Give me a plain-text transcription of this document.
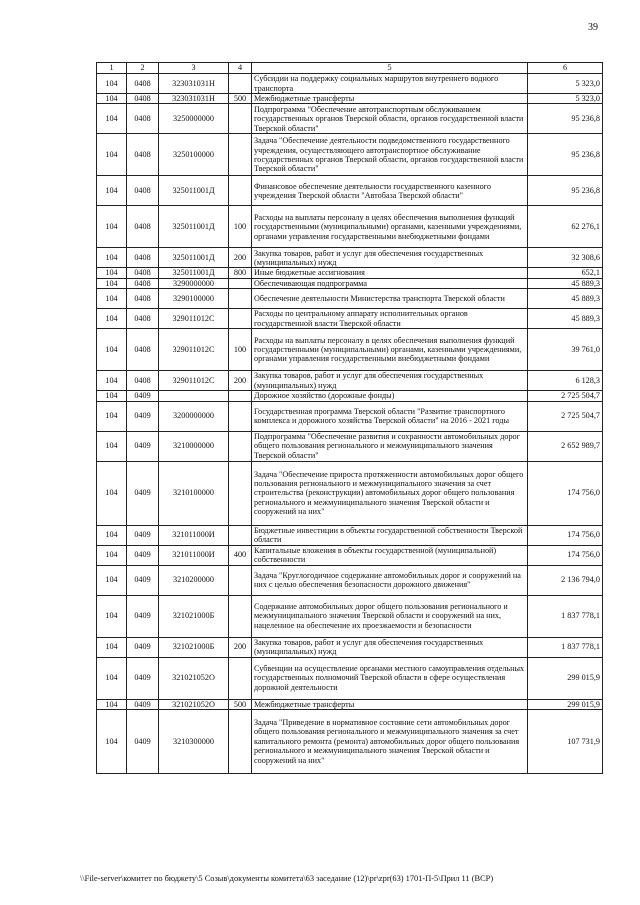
39
1	2	3	4	5	6
104	0408	323031031Н		Субсидии на поддержку социальных маршрутов внутреннего водного транспорта	5 323,0
104	0408	323031031Н	500	Межбюджетные трансферты	5 323,0
104	0408	3250000000		Подпрограмма "Обеспечение автотранспортным обслуживанием государственных органов Тверской области, органов государственной власти Тверской области"	95 236,8
104	0408	3250100000		Задача "Обеспечение деятельности подведомственного государственного учреждения, осуществляющего автотранспортное обслуживание государственных органов Тверской области, органов государственной власти Тверской области"	95 236,8
104	0408	325011001Д		Финансовое обеспечение деятельности государственного казенного учреждения Тверской области "Автобаза Тверской области"	95 236,8
104	0408	325011001Д	100	Расходы на выплаты персоналу в целях обеспечения выполнения функций государственными (муниципальными) органами, казенными учреждениями, органами управления государственными внебюджетными фондами	62 276,1
104	0408	325011001Д	200	Закупка товаров, работ и услуг для обеспечения государственных (муниципальных) нужд	32 308,6
104	0408	325011001Д	800	Иные бюджетные ассигнования	652,1
104	0408	3290000000		Обеспечивающая подпрограмма	45 889,3
104	0408	3290100000		Обеспечение деятельности Министерства транспорта Тверской области	45 889,3
104	0408	329011012С		Расходы по центральному аппарату исполнительных органов государственной власти Тверской области	45 889,3
104	0408	329011012С	100	Расходы на выплаты персоналу в целях обеспечения выполнения функций государственными (муниципальными) органами, казенными учреждениями, органами управления государственными внебюджетными фондами	39 761,0
104	0408	329011012С	200	Закупка товаров, работ и услуг для обеспечения государственных (муниципальных) нужд	6 128,3
104	0409			Дорожное хозяйство (дорожные фонды)	2 725 504,7
104	0409	3200000000		Государственная программа Тверской области "Развитие транспортного комплекса и дорожного хозяйства Тверской области" на 2016 - 2021 годы	2 725 504,7
104	0409	3210000000		Подпрограмма "Обеспечение развития и сохранности автомобильных дорог общего пользования регионального и межмуниципального значения Тверской области"	2 652 989,7
104	0409	3210100000		Задача "Обеспечение прироста протяженности автомобильных дорог общего пользования регионального и межмуниципального значения за счет строительства (реконструкции) автомобильных дорог общего пользования регионального и межмуниципального значения Тверской области и сооружений на них"	174 756,0
104	0409	321011000И		Бюджетные инвестиции в объекты государственной собственности Тверской области	174 756,0
104	0409	321011000И	400	Капитальные вложения в объекты государственной (муниципальной) собственности	174 756,0
104	0409	3210200000		Задача "Круглогодичное содержание автомобильных дорог и сооружений на них с целью обеспечения безопасности дорожного движения"	2 136 794,0
104	0409	321021000Б		Содержание автомобильных дорог общего пользования регионального и межмуниципального значения Тверской области и сооружений на них, нацеленное на обеспечение их проезжаемости и безопасности	1 837 778,1
104	0409	321021000Б	200	Закупка товаров, работ и услуг для обеспечения государственных (муниципальных) нужд	1 837 778,1
104	0409	321021052О		Субвенции на осуществление органами местного самоуправления отдельных государственных полномочий Тверской области в сфере осуществления дорожной деятельности	299 015,9
104	0409	321021052О	500	Межбюджетные трансферты	299 015,9
104	0409	3210300000		Задача "Приведение в нормативное состояние сети автомобильных дорог общего пользования регионального и межмуниципального значения за счет капитального ремонта (ремонта) автомобильных дорог общего пользования регионального и межмуниципального значения Тверской области и сооружений на них"	107 731,9
\\File-server\комитет по бюджету\5 Созыв\документы комитета\63 заседание (12)\pr\zpr(63) 1701-П-5\Прил 11 (ВСР)
